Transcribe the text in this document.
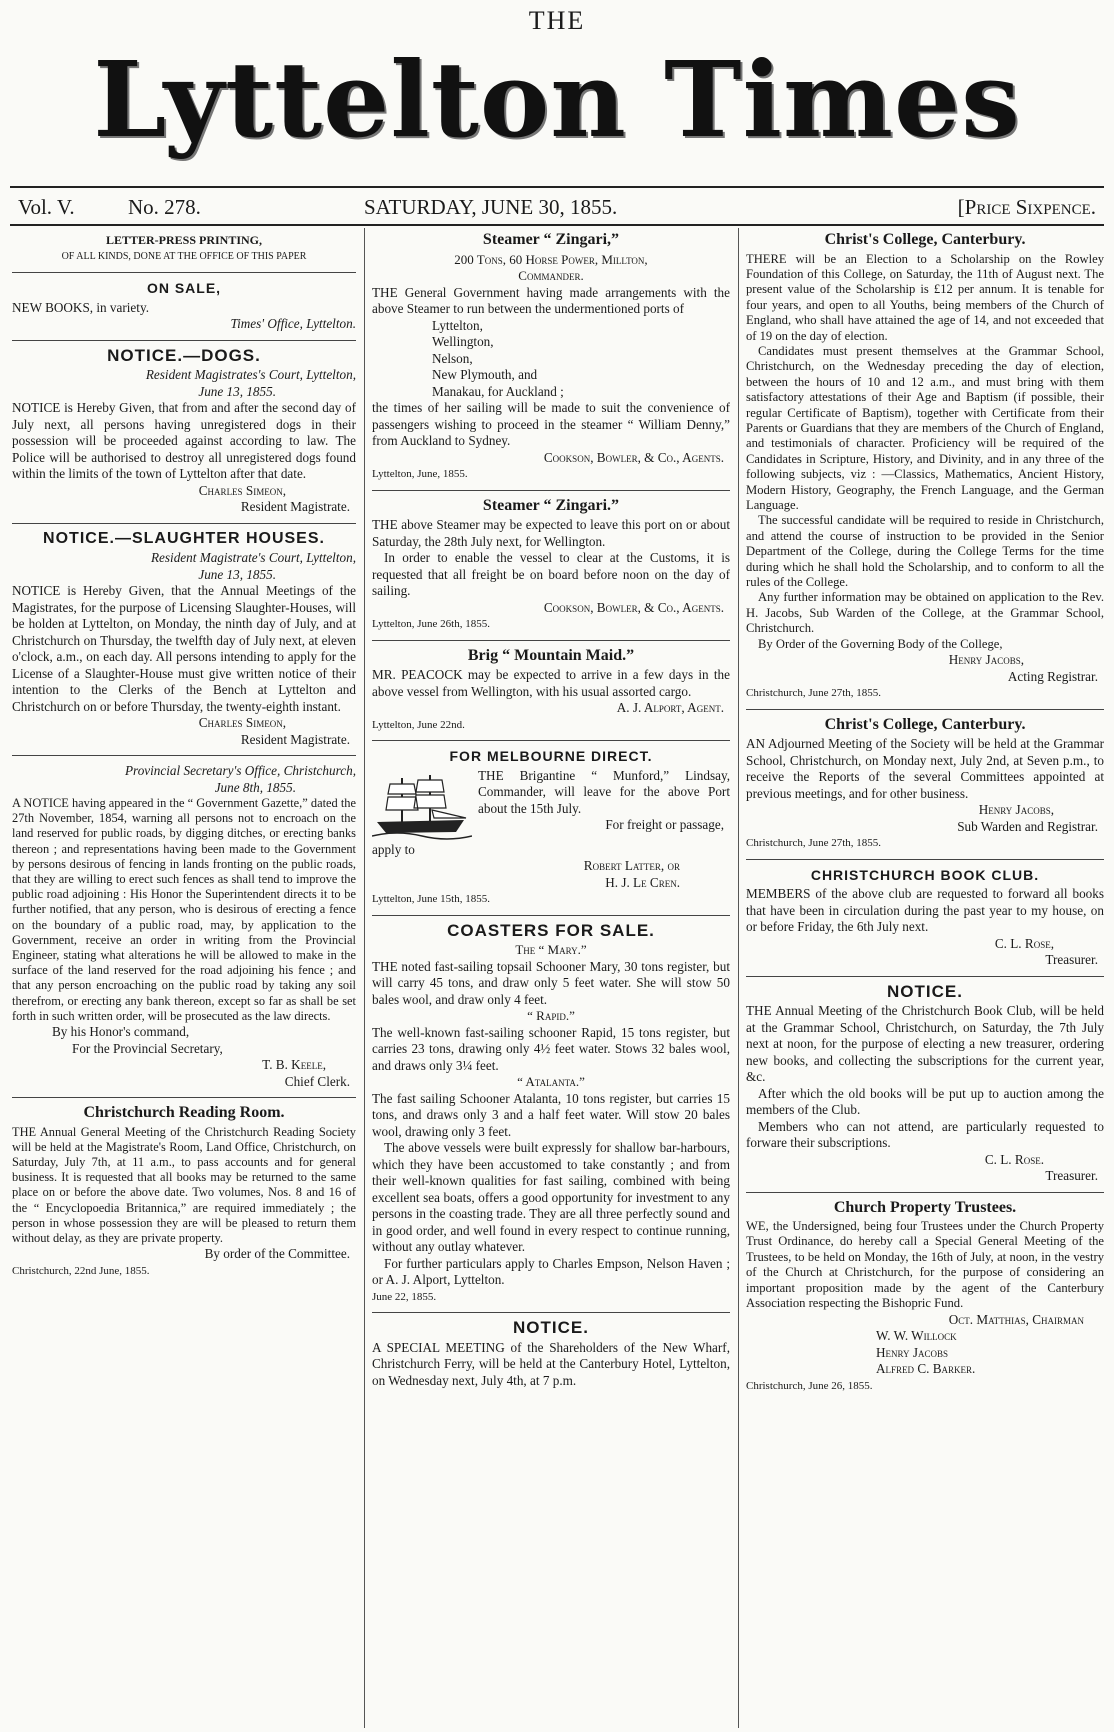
THE
Lyttelton Times
Vol. V.	No. 278.	SATURDAY, JUNE 30, 1855.	[Price Sixpence.
LETTER-PRESS PRINTING,
OF ALL KINDS, DONE AT THE OFFICE OF THIS PAPER
ON SALE,
NEW BOOKS, in variety.
Times' Office, Lyttelton.
NOTICE.—DOGS.
Resident Magistrates's Court, Lyttelton,
June 13, 1855.
NOTICE is Hereby Given, that from and after the second day of July next, all persons having unregistered dogs in their possession will be proceeded against according to law. The Police will be authorised to destroy all unregistered dogs found within the limits of the town of Lyttelton after that date.
Charles Simeon,
Resident Magistrate.
NOTICE.—SLAUGHTER HOUSES.
Resident Magistrate's Court, Lyttelton,
June 13, 1855.
NOTICE is Hereby Given, that the Annual Meetings of the Magistrates, for the purpose of Licensing Slaughter-Houses, will be holden at Lyttelton, on Monday, the ninth day of July, and at Christchurch on Thursday, the twelfth day of July next, at eleven o'clock, a.m., on each day. All persons intending to apply for the License of a Slaughter-House must give written notice of their intention to the Clerks of the Bench at Lyttelton and Christchurch on or before Thursday, the twenty-eighth instant.
Charles Simeon,
Resident Magistrate.
Provincial Secretary's Office, Christchurch,
June 8th, 1855.
A NOTICE having appeared in the “ Government Gazette,” dated the 27th November, 1854, warning all persons not to encroach on the land reserved for public roads, by digging ditches, or erecting banks thereon ; and representations having been made to the Government by persons desirous of fencing in lands fronting on the public roads, that they are willing to erect such fences as shall tend to improve the public road adjoining : His Honor the Superintendent directs it to be further notified, that any person, who is desirous of erecting a fence on the boundary of a public road, may, by application to the Government, receive an order in writing from the Provincial Engineer, stating what alterations he will be allowed to make in the surface of the land reserved for the road adjoining his fence ; and that any person encroaching on the public road by taking any soil therefrom, or erecting any bank thereon, except so far as shall be set forth in such written order, will be prosecuted as the law directs.
By his Honor's command,
For the Provincial Secretary,
T. B. Keele,
Chief Clerk.
Christchurch Reading Room.
THE Annual General Meeting of the Christchurch Reading Society will be held at the Magistrate's Room, Land Office, Christchurch, on Saturday, July 7th, at 11 a.m., to pass accounts and for general business. It is requested that all books may be returned to the same place on or before the above date. Two volumes, Nos. 8 and 16 of the “ Encyclopoedia Britannica,” are required immediately ; the person in whose possession they are will be pleased to return them without delay, as they are private property.
By order of the Committee.
Christchurch, 22nd June, 1855.
Steamer “ Zingari,”
200 Tons, 60 Horse Power, Millton,
Commander.
THE General Government having made arrangements with the above Steamer to run between the undermentioned ports of
Lyttelton,
Wellington,
Nelson,
New Plymouth, and
Manakau, for Auckland ;
the times of her sailing will be made to suit the convenience of passengers wishing to proceed in the steamer “ William Denny,” from Auckland to Sydney.
Cookson, Bowler, & Co., Agents.
Lyttelton, June, 1855.
Steamer “ Zingari.”
THE above Steamer may be expected to leave this port on or about Saturday, the 28th July next, for Wellington.
In order to enable the vessel to clear at the Customs, it is requested that all freight be on board before noon on the day of sailing.
Cookson, Bowler, & Co., Agents.
Lyttelton, June 26th, 1855.
Brig “ Mountain Maid.”
MR. PEACOCK may be expected to arrive in a few days in the above vessel from Wellington, with his usual assorted cargo.
A. J. Alport, Agent.
Lyttelton, June 22nd.
FOR MELBOURNE DIRECT.
THE Brigantine “ Munford,” Lindsay, Commander, will leave for the above Port about the 15th July.
For freight or passage,
apply to
Robert Latter, or
H. J. Le Cren.
Lyttelton, June 15th, 1855.
COASTERS FOR SALE.
The “ Mary.”
THE noted fast-sailing topsail Schooner Mary, 30 tons register, but will carry 45 tons, and draw only 5 feet water. She will stow 50 bales wool, and draw only 4 feet.
“ Rapid.”
The well-known fast-sailing schooner Rapid, 15 tons register, but carries 23 tons, drawing only 4½ feet water. Stows 32 bales wool, and draws only 3¼ feet.
“ Atalanta.”
The fast sailing Schooner Atalanta, 10 tons register, but carries 15 tons, and draws only 3 and a half feet water. Will stow 20 bales wool, drawing only 3 feet.
The above vessels were built expressly for shallow bar-harbours, which they have been accustomed to take constantly ; and from their well-known qualities for fast sailing, combined with being excellent sea boats, offers a good opportunity for investment to any persons in the coasting trade. They are all three perfectly sound and in good order, and well found in every respect to continue running, without any outlay whatever.
For further particulars apply to Charles Empson, Nelson Haven ; or A. J. Alport, Lyttelton.
June 22, 1855.
NOTICE.
A SPECIAL MEETING of the Shareholders of the New Wharf, Christchurch Ferry, will be held at the Canterbury Hotel, Lyttelton, on Wednesday next, July 4th, at 7 p.m.
Christ's College, Canterbury.
THERE will be an Election to a Scholarship on the Rowley Foundation of this College, on Saturday, the 11th of August next. The present value of the Scholarship is £12 per annum. It is tenable for four years, and open to all Youths, being members of the Church of England, who shall have attained the age of 14, and not exceeded that of 19 on the day of election.
Candidates must present themselves at the Grammar School, Christchurch, on the Wednesday preceding the day of election, between the hours of 10 and 12 a.m., and must bring with them satisfactory attestations of their Age and Baptism (if possible, their regular Certificate of Baptism), together with Certificate from their Parents or Guardians that they are members of the Church of England, and testimonials of character. Proficiency will be required of the Candidates in Scripture, History, and Divinity, and in any three of the following subjects, viz : —Classics, Mathematics, Ancient History, Modern History, Geography, the French Language, and the German Language.
The successful candidate will be required to reside in Christchurch, and attend the course of instruction to be provided in the Senior Department of the College, during the College Terms for the time during which he shall hold the Scholarship, and to conform to all the rules of the College.
Any further information may be obtained on application to the Rev. H. Jacobs, Sub Warden of the College, at the Grammar School, Christchurch.
By Order of the Governing Body of the College,
Henry Jacobs,
Acting Registrar.
Christchurch, June 27th, 1855.
Christ's College, Canterbury.
AN Adjourned Meeting of the Society will be held at the Grammar School, Christchurch, on Monday next, July 2nd, at Seven p.m., to receive the Reports of the several Committees appointed at previous meetings, and for other business.
Henry Jacobs,
Sub Warden and Registrar.
Christchurch, June 27th, 1855.
CHRISTCHURCH BOOK CLUB.
MEMBERS of the above club are requested to forward all books that have been in circulation during the past year to my house, on or before Friday, the 6th July next.
C. L. Rose,
Treasurer.
NOTICE.
THE Annual Meeting of the Christchurch Book Club, will be held at the Grammar School, Christchurch, on Saturday, the 7th July next at noon, for the purpose of electing a new treasurer, ordering new books, and collecting the subscriptions for the current year, &c.
After which the old books will be put up to auction among the members of the Club.
Members who can not attend, are particularly requested to forware their subscriptions.
C. L. Rose.
Treasurer.
Church Property Trustees.
WE, the Undersigned, being four Trustees under the Church Property Trust Ordinance, do hereby call a Special General Meeting of the Trustees, to be held on Monday, the 16th of July, at noon, in the vestry of the Church at Christchurch, for the purpose of considering an important proposition made by the agent of the Canterbury Association respecting the Bishopric Fund.
Oct. Matthias, Chairman
W. W. Willock
Henry Jacobs
Alfred C. Barker.
Christchurch, June 26, 1855.
